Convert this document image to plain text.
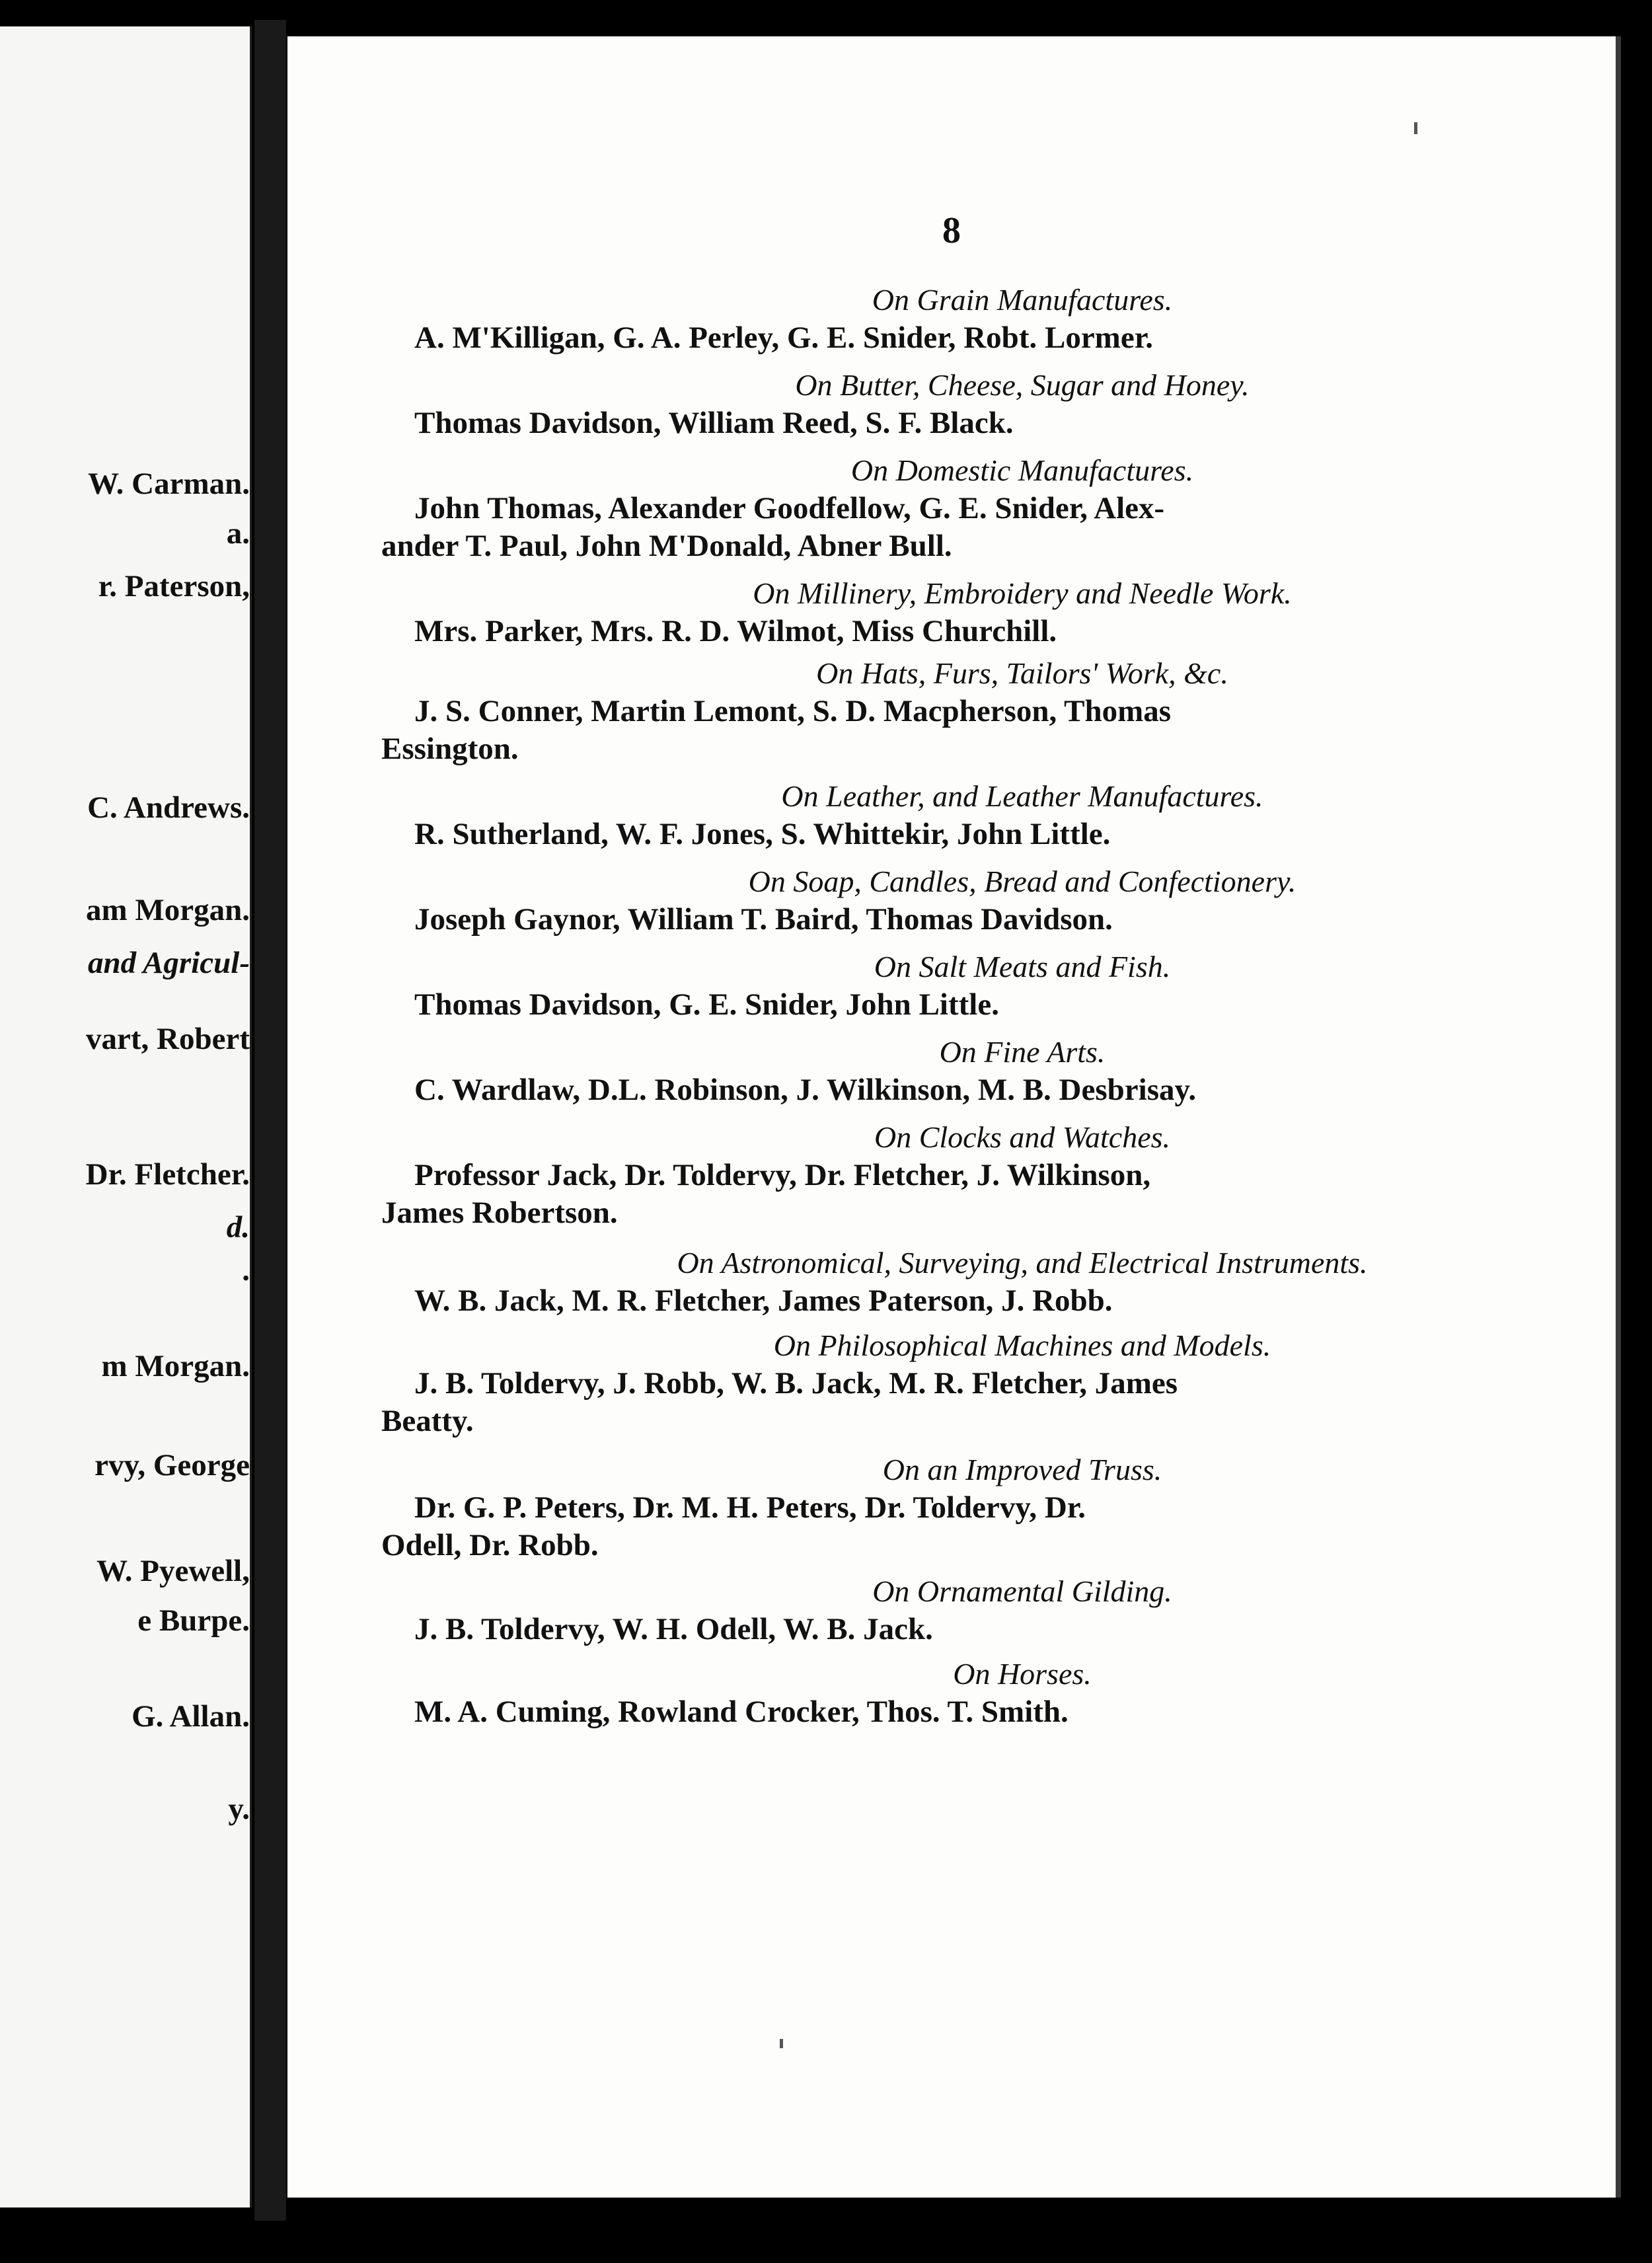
W. Carman.
a.
r. Paterson,
C. Andrews.
am Morgan.
and Agricul-
vart, Robert
Dr. Fletcher.
d.
.
m Morgan.
rvy, George
W. Pyewell,
e Burpe.
G. Allan.
y.
8
On Grain Manufactures.
A. M'Killigan, G. A. Perley, G. E. Snider, Robt. Lormer.
On Butter, Cheese, Sugar and Honey.
Thomas Davidson, William Reed, S. F. Black.
On Domestic Manufactures.
John Thomas, Alexander Goodfellow, G. E. Snider, Alex-
ander T. Paul, John M'Donald, Abner Bull.
On Millinery, Embroidery and Needle Work.
Mrs. Parker, Mrs. R. D. Wilmot, Miss Churchill.
On Hats, Furs, Tailors' Work, &c.
J. S. Conner, Martin Lemont, S. D. Macpherson, Thomas
Essington.
On Leather, and Leather Manufactures.
R. Sutherland, W. F. Jones, S. Whittekir, John Little.
On Soap, Candles, Bread and Confectionery.
Joseph Gaynor, William T. Baird, Thomas Davidson.
On Salt Meats and Fish.
Thomas Davidson, G. E. Snider, John Little.
On Fine Arts.
C. Wardlaw, D.L. Robinson, J. Wilkinson, M. B. Desbrisay.
On Clocks and Watches.
Professor Jack, Dr. Toldervy, Dr. Fletcher, J. Wilkinson,
James Robertson.
On Astronomical, Surveying, and Electrical Instruments.
W. B. Jack, M. R. Fletcher, James Paterson, J. Robb.
On Philosophical Machines and Models.
J. B. Toldervy, J. Robb, W. B. Jack, M. R. Fletcher, James
Beatty.
On an Improved Truss.
Dr. G. P. Peters, Dr. M. H. Peters, Dr. Toldervy, Dr.
Odell, Dr. Robb.
On Ornamental Gilding.
J. B. Toldervy, W. H. Odell, W. B. Jack.
On Horses.
M. A. Cuming, Rowland Crocker, Thos. T. Smith.
